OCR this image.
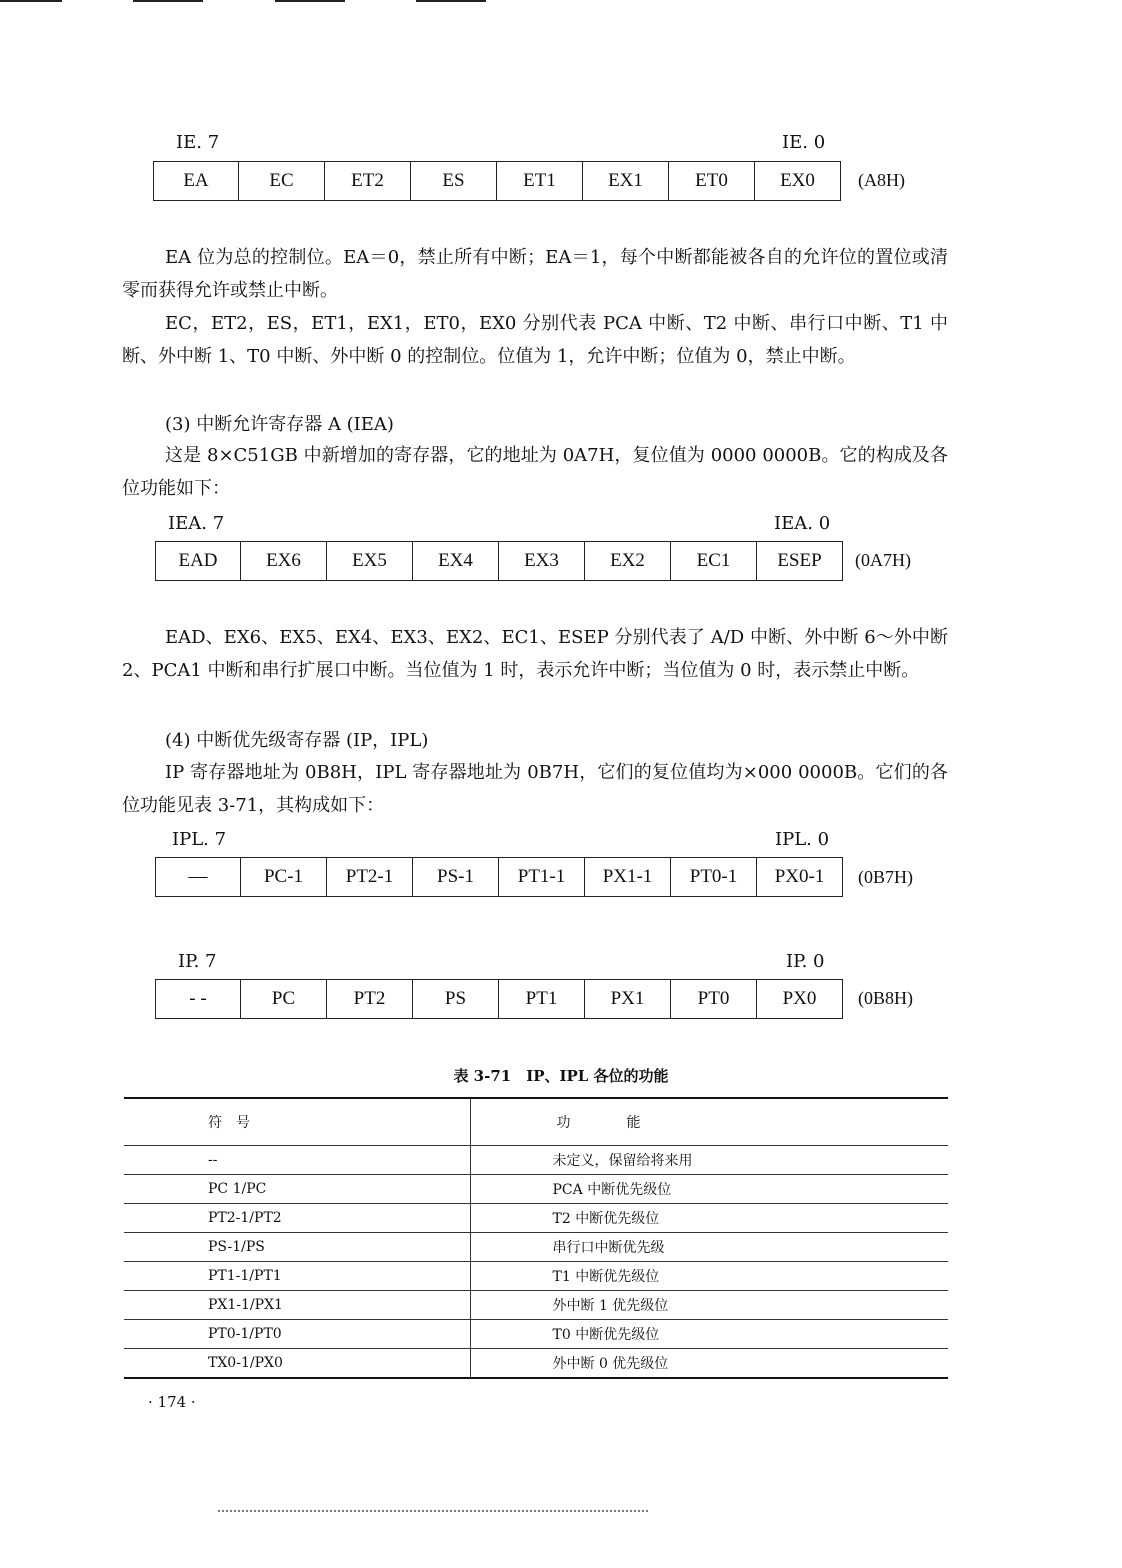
IE. 7	IE. 0
EA	EC	ET2	ES	ET1	EX1	ET0	EX0	(A8H)

EA 位为总的控制位。EA＝0，禁止所有中断；EA＝1，每个中断都能被各自的允许位的置位或清零而获得允许或禁止中断。

EC，ET2，ES，ET1，EX1，ET0，EX0 分别代表 PCA 中断、T2 中断、串行口中断、T1 中断、外中断 1、T0 中断、外中断 0 的控制位。位值为 1，允许中断；位值为 0，禁止中断。

(3) 中断允许寄存器 A (IEA)

这是 8×C51GB 中新增加的寄存器，它的地址为 0A7H，复位值为 0000 0000B。它的构成及各位功能如下：

IEA. 7	IEA. 0
EAD	EX6	EX5	EX4	EX3	EX2	EC1	ESEP	(0A7H)

EAD、EX6、EX5、EX4、EX3、EX2、EC1、ESEP 分别代表了 A/D 中断、外中断 6～外中断 2、PCA1 中断和串行扩展口中断。当位值为 1 时，表示允许中断；当位值为 0 时，表示禁止中断。

(4) 中断优先级寄存器 (IP，IPL)

IP 寄存器地址为 0B8H，IPL 寄存器地址为 0B7H，它们的复位值均为×000 0000B。它们的各位功能见表 3-71，其构成如下：

IPL. 7	IPL. 0
—	PC-1	PT2-1	PS-1	PT1-1	PX1-1	PT0-1	PX0-1	(0B7H)
IP. 7	IP. 0
- -	PC	PT2	PS	PT1	PX1	PT0	PX0	(0B8H)
表 3-71　IP、IPL 各位的功能
符　号	功　　　　能
--	未定义，保留给将来用
PC 1/PC	PCA 中断优先级位
PT2-1/PT2	T2 中断优先级位
PS-1/PS	串行口中断优先级
PT1-1/PT1	T1 中断优先级位
PX1-1/PX1	外中断 1 优先级位
PT0-1/PT0	T0 中断优先级位
TX0-1/PX0	外中断 0 优先级位
· 174 ·
